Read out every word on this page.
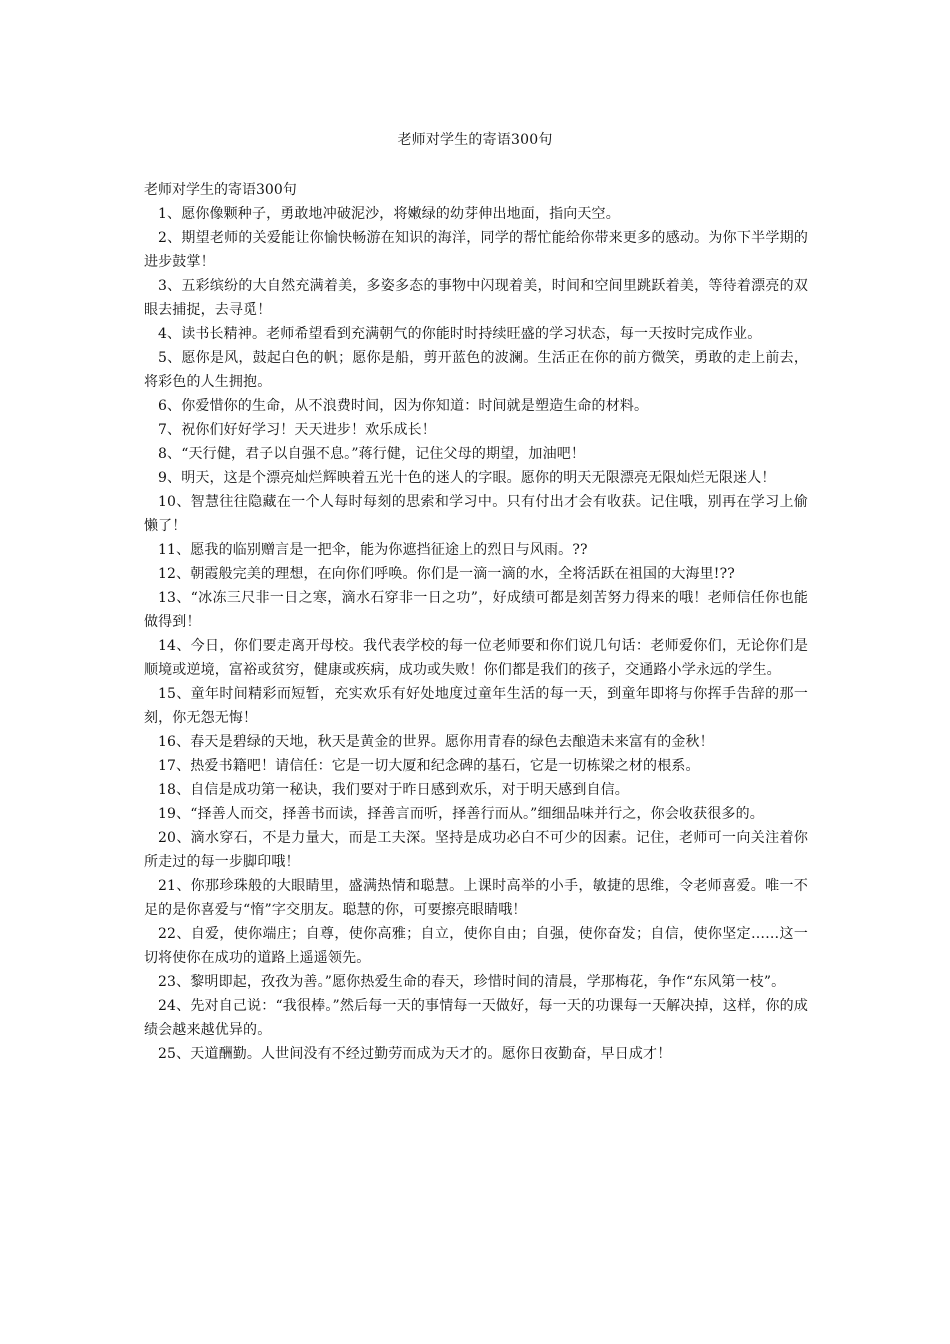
老师对学生的寄语300句

老师对学生的寄语300句

1、愿你像颗种子，勇敢地冲破泥沙，将嫩绿的幼芽伸出地面，指向天空。

2、期望老师的关爱能让你愉快畅游在知识的海洋，同学的帮忙能给你带来更多的感动。为你下半学期的进步鼓掌！

3、五彩缤纷的大自然充满着美，多姿多态的事物中闪现着美，时间和空间里跳跃着美，等待着漂亮的双眼去捕捉，去寻觅！

4、读书长精神。老师希望看到充满朝气的你能时时持续旺盛的学习状态，每一天按时完成作业。

5、愿你是风，鼓起白色的帆；愿你是船，剪开蓝色的波澜。生活正在你的前方微笑，勇敢的走上前去，将彩色的人生拥抱。

6、你爱惜你的生命，从不浪费时间，因为你知道：时间就是塑造生命的材料。

7、祝你们好好学习！天天进步！欢乐成长！

8、“天行健，君子以自强不息。”蒋行健，记住父母的期望，加油吧！

9、明天，这是个漂亮灿烂辉映着五光十色的迷人的字眼。愿你的明天无限漂亮无限灿烂无限迷人！

10、智慧往往隐藏在一个人每时每刻的思索和学习中。只有付出才会有收获。记住哦，别再在学习上偷懒了！

11、愿我的临别赠言是一把伞，能为你遮挡征途上的烈日与风雨。??

12、朝霞般完美的理想，在向你们呼唤。你们是一滴一滴的水，全将活跃在祖国的大海里!??

13、“冰冻三尺非一日之寒，滴水石穿非一日之功”，好成绩可都是刻苦努力得来的哦！老师信任你也能做得到！

14、今日，你们要走离开母校。我代表学校的每一位老师要和你们说几句话：老师爱你们，无论你们是顺境或逆境，富裕或贫穷，健康或疾病，成功或失败！你们都是我们的孩子，交通路小学永远的学生。

15、童年时间精彩而短暂，充实欢乐有好处地度过童年生活的每一天，到童年即将与你挥手告辞的那一刻，你无怨无悔！

16、春天是碧绿的天地，秋天是黄金的世界。愿你用青春的绿色去酿造未来富有的金秋！

17、热爱书籍吧！请信任：它是一切大厦和纪念碑的基石，它是一切栋梁之材的根系。

18、自信是成功第一秘诀，我们要对于昨日感到欢乐，对于明天感到自信。

19、“择善人而交，择善书而读，择善言而听，择善行而从。”细细品味并行之，你会收获很多的。

20、滴水穿石，不是力量大，而是工夫深。坚持是成功必白不可少的因素。记住，老师可一向关注着你所走过的每一步脚印哦！

21、你那珍珠般的大眼睛里，盛满热情和聪慧。上课时高举的小手，敏捷的思维，令老师喜爱。唯一不足的是你喜爱与“惰”字交朋友。聪慧的你，可要擦亮眼睛哦！

22、自爱，使你端庄；自尊，使你高雅；自立，使你自由；自强，使你奋发；自信，使你坚定……这一切将使你在成功的道路上遥遥领先。

23、黎明即起，孜孜为善。”愿你热爱生命的春天，珍惜时间的清晨，学那梅花，争作“东风第一枝”。

24、先对自己说：“我很棒。”然后每一天的事情每一天做好，每一天的功课每一天解决掉，这样，你的成绩会越来越优异的。

25、天道酬勤。人世间没有不经过勤劳而成为天才的。愿你日夜勤奋，早日成才！
